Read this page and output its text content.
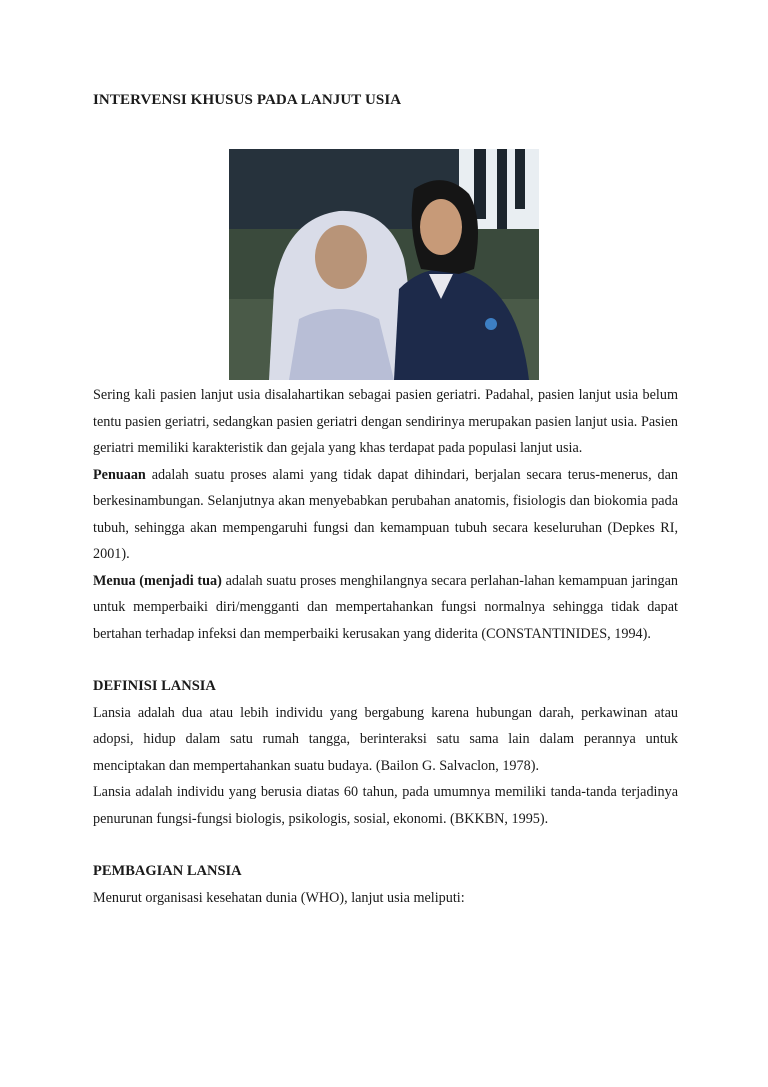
INTERVENSI KHUSUS PADA LANJUT USIA

Sering kali pasien lanjut usia disalahartikan sebagai pasien geriatri. Padahal, pasien lanjut usia belum tentu pasien geriatri, sedangkan pasien geriatri dengan sendirinya merupakan pasien lanjut usia. Pasien geriatri memiliki karakteristik dan gejala yang khas terdapat pada populasi lanjut usia.

Penuaan adalah suatu proses alami yang tidak dapat dihindari, berjalan secara terus-menerus, dan berkesinambungan. Selanjutnya akan menyebabkan perubahan anatomis, fisiologis dan biokomia pada tubuh, sehingga akan mempengaruhi fungsi dan kemampuan tubuh secara keseluruhan (Depkes RI, 2001).

Menua (menjadi tua) adalah suatu proses menghilangnya secara perlahan-lahan kemampuan jaringan untuk memperbaiki diri/mengganti dan mempertahankan fungsi normalnya sehingga tidak dapat bertahan terhadap infeksi dan memperbaiki kerusakan yang diderita (CONSTANTINIDES, 1994).

DEFINISI LANSIA

Lansia adalah dua atau lebih individu yang bergabung karena hubungan darah, perkawinan atau adopsi, hidup dalam satu rumah tangga, berinteraksi satu sama lain dalam perannya untuk menciptakan dan mempertahankan suatu budaya. (Bailon G. Salvaclon, 1978).

Lansia adalah individu yang berusia diatas 60 tahun, pada umumnya memiliki tanda-tanda terjadinya penurunan fungsi-fungsi biologis, psikologis, sosial, ekonomi. (BKKBN, 1995).

PEMBAGIAN LANSIA

Menurut organisasi kesehatan dunia (WHO), lanjut usia meliputi:
